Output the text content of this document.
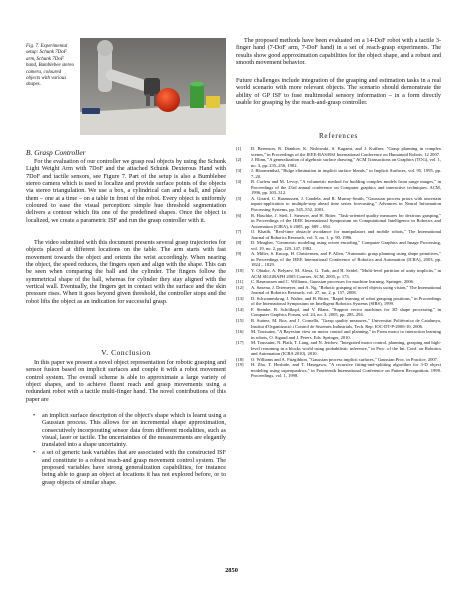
Fig. 7. Experimental setup: Schunk 7DoF arm, Schunk 7DoF hand, Bumblebee stereo camera, coloured objects with various shapes.
B. Grasp Controller
For the evaluation of our controller we grasp real objects by using the Schunk Light Weight Arm with 7DoF and the attached Schunk Dexterous Hand with 7DoF and tactile sensors, see Figure 7. Part of the setup is also a Bumblebee stereo camera which is used to localize and provide surface points of the objects via stereo triangulation. We use a box, a cylindrical can and a ball, and place them – one at a time – on a table in front of the robot. Every object is uniformly coloured to ease the visual perception: simple hue threshold segmentation delivers a contour which fits one of the predefined shapes. Once the object is localized, we create a parametric ISF and run the grasp controller with it.
The video submitted with this document presents several grasp trajectories for objects placed at different locations on the table. The arm starts with fast movement towards the object and orients the wrist accordingly. When nearing the object, the speed reduces, the fingers open and align with the shape. This can be seen when comparing the ball and the cylinder. The fingers follow the symmetrical shape of the ball, whereas for cylinder they stay aligned with the vertical wall. Eventually, the fingers get in contact with the surface and the skin pressure rises. When it goes beyond given threshold, the controller stops and the robot lifts the object as an indication for successful grasp.
V. Conclusion
In this paper we present a novel object representation for robotic grasping and sensor fusion based on implicit surfaces and couple it with a robot movement control system. The overall scheme is able to approximate a large variety of object shapes, and to achieve fluent reach and grasp movements using a redundant robot with a tactile multi-finger hand. The novel contributions of this paper are
• an implicit surface description of the object's shape which is learnt using a Gaussian process. This allows for an incremental shape approximation, consecutively incorporating sensor data from different modalities, such as visual, laser or tactile. The uncertainties of the measurements are elegantly translated into a shape uncertainty.
• a set of generic task variables that are associated with the constructed ISF and constitute to a robust reach-and grasp movement control system. The proposed variables have strong generalization capabilities, for instance being able to grasp an object at locations it has not explored before, or to grasp objects of similar shape.
The proposed methods have been evaluated on a 14-DoF robot with a tactile 3-finger hand (7-DoF arm, 7-DoF hand) in a set of reach-grasp experiments. The results show good approximation capabilities for the object shape, and a robust and smooth movement behavior.
Future challenges include integration of the grasping and estimation tasks in a real world scenario with more relevant objects. The scenario should demonstrate the ability of GP ISF to fuse multimodal sensory information – in a form directly usable for grasping by the reach-and-grasp controller.
References
[1] D. Berenson, R. Diankov, K. Nishiwaki, S. Kagami, and J. Kuffner, "Grasp planning in complex scenes," in Proceedings of the IEEE-RAS/RSJ International Conference on Humanoid Robots, 12 2007.
[2] J. Blinn, "A generalization of algebraic surface drawing," ACM Transactions on Graphics (TOG), vol. 1, no. 3, pp. 235–256, 1982.
[3] J. Bloomenthal, "Bulge elimination in implicit surface blends," in Implicit Surfaces, vol. 95, 1995, pp. 7–20.
[4] B. Curless and M. Levoy, "A volumetric method for building complex models from range images," in Proceedings of the 23rd annual conference on Computer graphics and interactive techniques. ACM, 1996, pp. 303–312.
[5] A. Girard, C. Rasmussen, J. Candela, and R. Murray-Smith, "Gaussian process priors with uncertain inputs-application to multiple-step ahead time series forecasting," Advances in Neural Information Processing Systems, pp. 545–552, 2003.
[6] R. Haschke, J. Steil, I. Steuwer, and H. Ritter, "Task-oriented quality measures for dextrous grasping," in Proceedings of the IEEE International Symposium on Computational Intelligence in Robotics and Automation (CIRA), 6 2005, pp. 689 – 694.
[7] O. Khatib, "Real-time obstacle avoidance for manipulators and mobile robots," The International Journal of Robotics Research, vol. 5, no. 1, p. 90, 1986.
[8] D. Meagher, "Geometric modeling using octree encoding," Computer Graphics and Image Processing, vol. 19, no. 2, pp. 129–147, 1982.
[9] A. Miller, S. Knoop, H. Christensen, and P. Allen, "Automatic grasp planning using shape primitives," in Proceedings of the IEEE International Conference of Robotics and Automation (ICRA), 2003, pp. 1824 – 1829.
[10] Y. Ohtake, A. Belyaev, M. Alexa, G. Turk, and H. Seidel, "Multi-level partition of unity implicits," in ACM SIGGRAPH 2005 Courses. ACM, 2005, p. 173.
[11] C. Rasmussen and C. Williams, Gaussian processes for machine learning. Springer, 2006.
[12] A. Saxena, J. Driemeyer, and A. Ng, "Robotic grasping of novel objects using vision," The International Journal of Robotics Research, vol. 27, no. 2, p. 157, 2008.
[13] D. Schwammkrug, J. Walter, and H. Ritter, "Rapid learning of robot grasping positions," in Proceedings of the International Symposium on Intelligent Robotics Systems (SIRS), 1999.
[14] F. Steinke, B. Schölkopf, and V. Blanz, "Support vector machines for 3D shape processing," in Computer Graphics Forum, vol. 24, no. 3, 2005, pp. 285–294.
[15] R. Suárez, M. Roa, and J. Cornellà, "Grasp quality measures," Universitat Politècnica de Catalunya, Institut d'Organització i Control de Sistemes Industrials, Tech. Rep. IOC-DT-P-2006-10, 2006.
[16] M. Toussaint, "A Bayesian view on motor control and planning," in From motor to interaction learning in robots, O. Sigaud and J. Peters, Eds. Springer, 2010.
[17] M. Toussaint, N. Plath, T. Lang, and N. Jetchev, "Integrated motor control, planning, grasping and high-level reasoning in a blocks world using probabilistic inference," in Proc. of the Int. Conf. on Robotics and Automation (ICRA 2010), 2010.
[18] O. Williams and A. Fitzgibbon, "Gaussian process implicit surfaces," Gaussian Proc. in Practice, 2007.
[19] H. Zha, T. Hoshide, and T. Hasegawa, "A recursive fitting-and-splitting algorithm for 3-D object modeling using superquadrics," in Fourteenth International Conference on Pattern Recognition, 1998. Proceedings, vol. 1, 1998.
2850
